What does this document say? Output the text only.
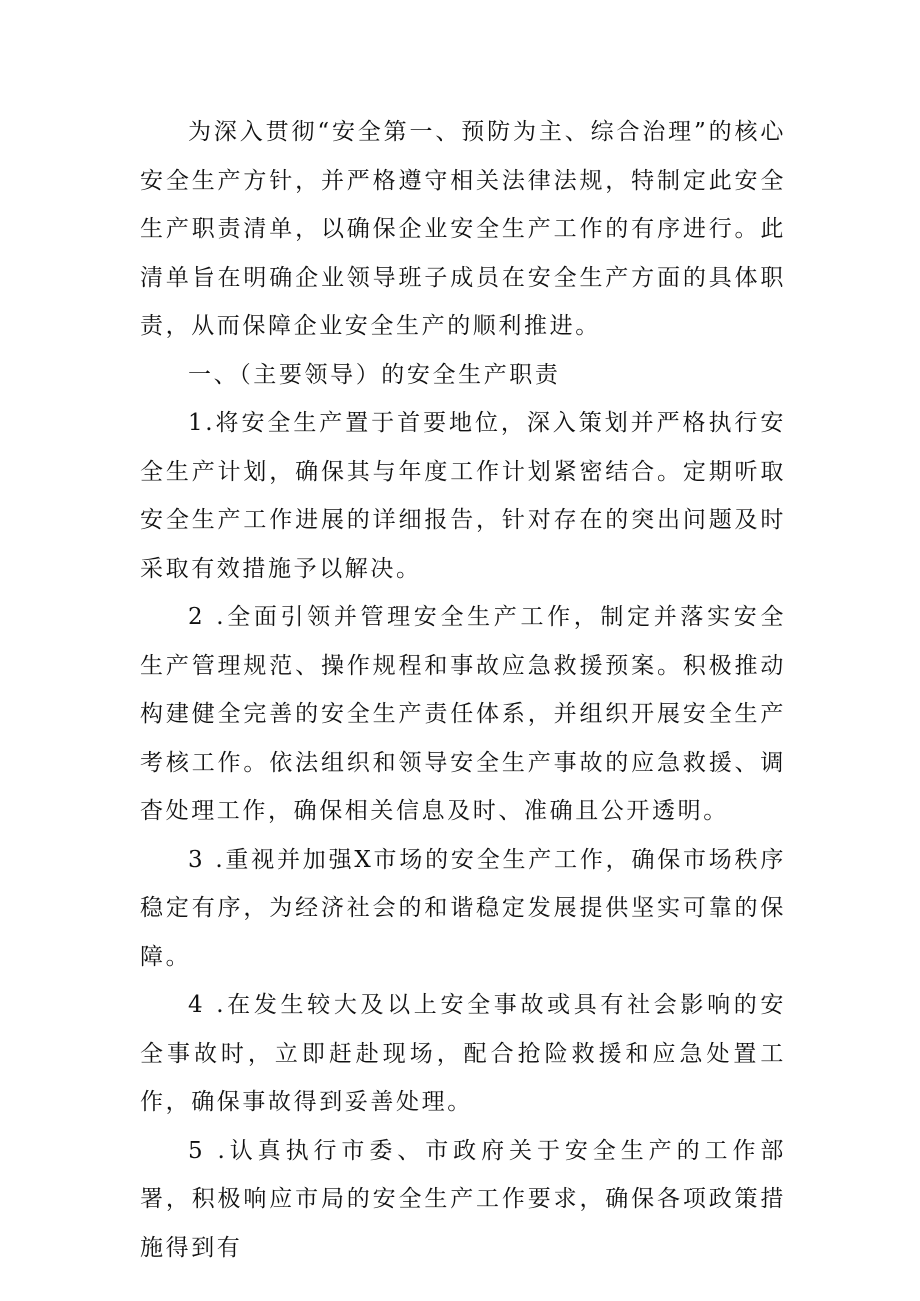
为深入贯彻“安全第一、预防为主、综合治理”的核心安全生产方针，并严格遵守相关法律法规，特制定此安全生产职责清单，以确保企业安全生产工作的有序进行。此清单旨在明确企业领导班子成员在安全生产方面的具体职责，从而保障企业安全生产的顺利推进。

一、（主要领导）的安全生产职责

1.将安全生产置于首要地位，深入策划并严格执行安全生产计划，确保其与年度工作计划紧密结合。定期听取安全生产工作进展的详细报告，针对存在的突出问题及时采取有效措施予以解决。

2 .全面引领并管理安全生产工作，制定并落实安全生产管理规范、操作规程和事故应急救援预案。积极推动构建健全完善的安全生产责任体系，并组织开展安全生产考核工作。依法组织和领导安全生产事故的应急救援、调杳处理工作，确保相关信息及时、准确且公开透明。

3 .重视并加强X市场的安全生产工作，确保市场秩序稳定有序，为经济社会的和谐稳定发展提供坚实可靠的保障。

4 .在发生较大及以上安全事故或具有社会影响的安全事故时，立即赶赴现场，配合抢险救援和应急处置工作，确保事故得到妥善处理。

5 .认真执行市委、市政府关于安全生产的工作部署，积极响应市局的安全生产工作要求，确保各项政策措施得到有
